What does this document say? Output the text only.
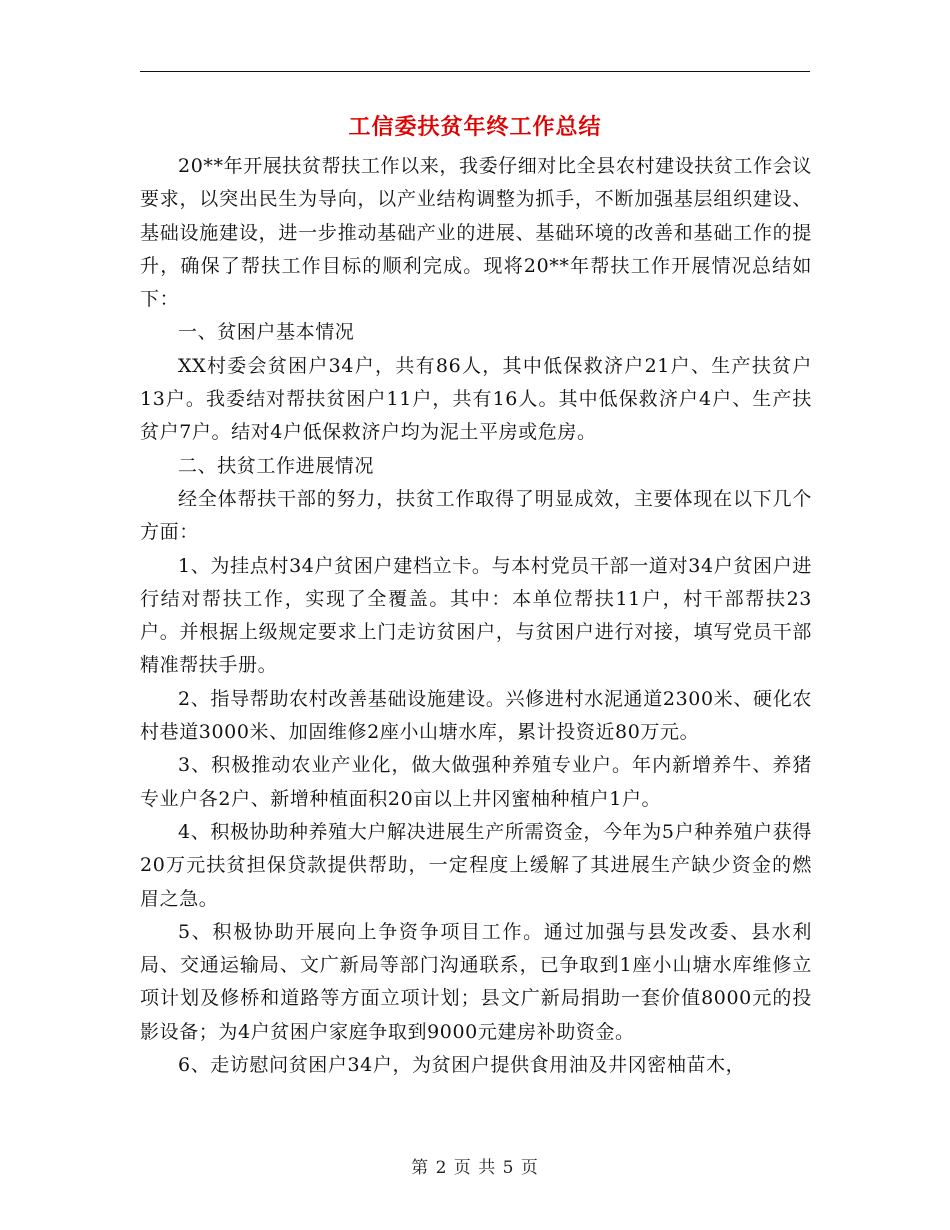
工信委扶贫年终工作总结

20**年开展扶贫帮扶工作以来，我委仔细对比全县农村建设扶贫工作会议要求，以突出民生为导向，以产业结构调整为抓手，不断加强基层组织建设、基础设施建设，进一步推动基础产业的进展、基础环境的改善和基础工作的提升，确保了帮扶工作目标的顺利完成。现将20**年帮扶工作开展情况总结如下：

一、贫困户基本情况

XX村委会贫困户34户，共有86人，其中低保救济户21户、生产扶贫户13户。我委结对帮扶贫困户11户，共有16人。其中低保救济户4户、生产扶贫户7户。结对4户低保救济户均为泥土平房或危房。

二、扶贫工作进展情况

经全体帮扶干部的努力，扶贫工作取得了明显成效，主要体现在以下几个方面：

1、为挂点村34户贫困户建档立卡。与本村党员干部一道对34户贫困户进行结对帮扶工作，实现了全覆盖。其中：本单位帮扶11户，村干部帮扶23户。并根据上级规定要求上门走访贫困户，与贫困户进行对接，填写党员干部精准帮扶手册。

2、指导帮助农村改善基础设施建设。兴修进村水泥通道2300米、硬化农村巷道3000米、加固维修2座小山塘水库，累计投资近80万元。

3、积极推动农业产业化，做大做强种养殖专业户。年内新增养牛、养猪专业户各2户、新增种植面积20亩以上井冈蜜柚种植户1户。

4、积极协助种养殖大户解决进展生产所需资金，今年为5户种养殖户获得20万元扶贫担保贷款提供帮助，一定程度上缓解了其进展生产缺少资金的燃眉之急。

5、积极协助开展向上争资争项目工作。通过加强与县发改委、县水利局、交通运输局、文广新局等部门沟通联系，已争取到1座小山塘水库维修立项计划及修桥和道路等方面立项计划；县文广新局捐助一套价值8000元的投影设备；为4户贫困户家庭争取到9000元建房补助资金。

6、走访慰问贫困户34户，为贫困户提供食用油及井冈密柚苗木，

第 2 页 共 5 页
